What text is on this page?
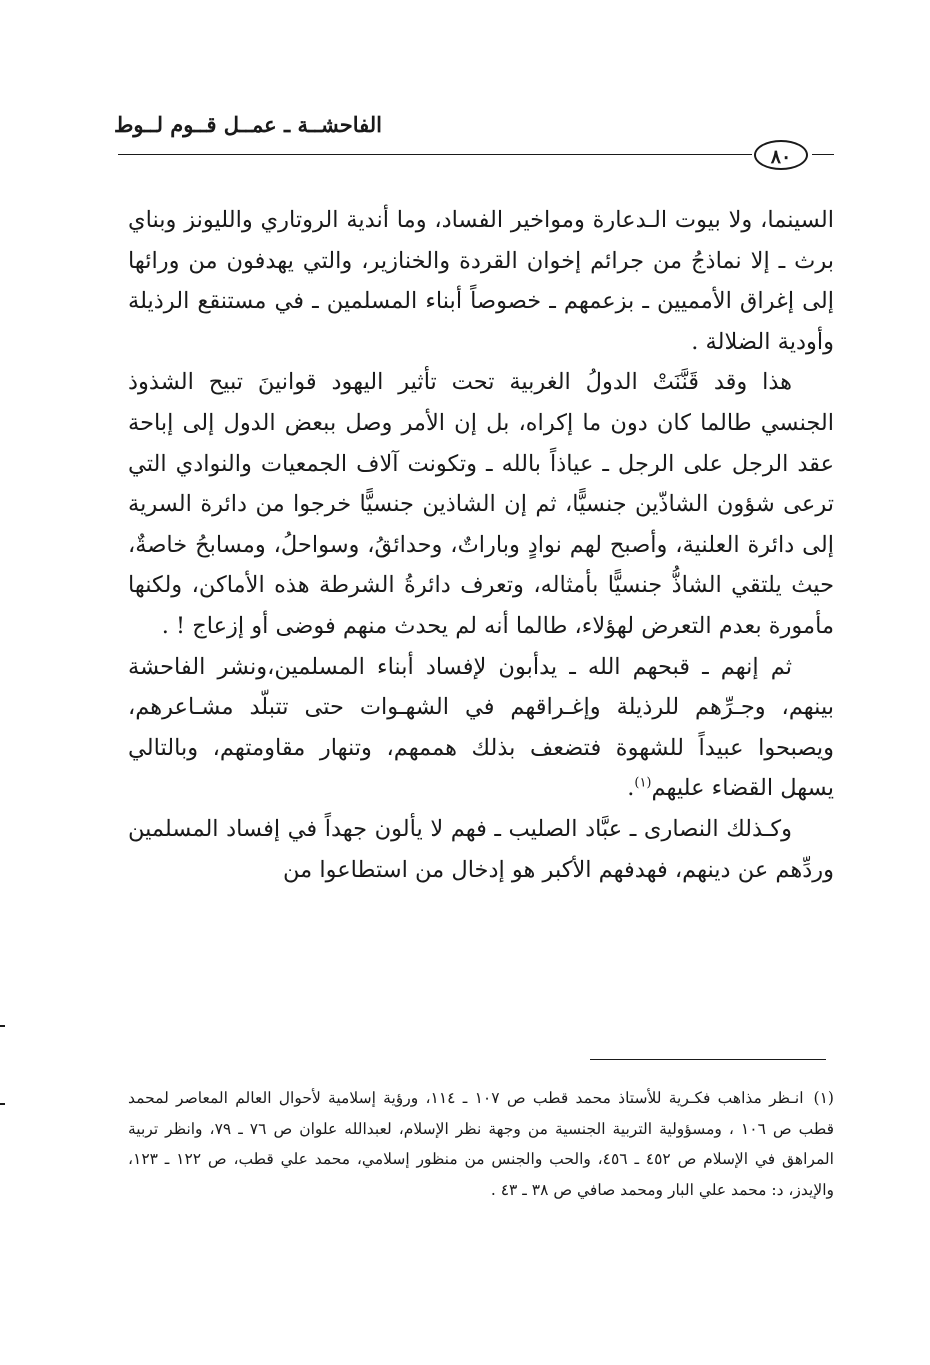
الفاحشــة ـ عمــل قــوم لــوط
٨٠

السينما، ولا بيوت الـدعارة ومواخير الفساد، وما أندية الروتاري والليونز وبناي برث ـ إلا نماذجُ من جرائم إخوان القردة والخنازير، والتي يهدفون من ورائها إلى إغراق الأمميين ـ بزعمهم ـ خصوصاً أبناء المسلمين ـ في مستنقع الرذيلة وأودية الضلالة .

هذا وقد قَنَّنَتْ الدولُ الغربية تحت تأثير اليهود قوانينَ تبيح الشذوذ الجنسي طالما كان دون ما إكراه، بل إن الأمر وصل ببعض الدول إلى إباحة عقد الرجل على الرجل ـ عياذاً بالله ـ وتكونت آلاف الجمعيات والنوادي التي ترعى شؤون الشاذّين جنسيًّا، ثم إن الشاذين جنسيًّا خرجوا من دائرة السرية إلى دائرة العلنية، وأصبح لهم نوادٍ وباراتٌ، وحدائقُ، وسواحلُ، ومسابحُ خاصةٌ، حيث يلتقي الشاذُّ جنسيًّا بأمثاله، وتعرف دائرةُ الشرطة هذه الأماكن، ولكنها مأمورة بعدم التعرض لهؤلاء، طالما أنه لم يحدث منهم فوضى أو إزعاج ! .

ثم إنهم ـ قبحهم الله ـ يدأبون لإفساد أبناء المسلمين،ونشر الفاحشة بينهم، وجـرِّهم للرذيلة وإغـراقهم في الشهـوات حتى تتبلّد مشـاعرهم، ويصبحوا عبيداً للشهوة فتضعف بذلك هممهم، وتنهار مقاومتهم، وبالتالي يسهل القضاء عليهم$^{(١)}$.

وكـذلك النصارى ـ عبَّاد الصليب ـ فهم لا يألون جهداً في إفساد المسلمين وردِّهم عن دينهم، فهدفهم الأكبر هو إدخال من استطاعوا من

(١)انـظر مذاهب فكـرية للأستاذ محمد قطب ص ١٠٧ ـ ١١٤، ورؤية إسلامية لأحوال العالم المعاصر لمحمد قطب ص ١٠٦ ، ومسؤولية التربية الجنسية من وجهة نظر الإسلام، لعبدالله علوان ص ٧٦ ـ ٧٩، وانظر تربية المراهق في الإسلام ص ٤٥٢ ـ ٤٥٦، والحب والجنس من منظور إسلامي، محمد علي قطب، ص ١٢٢ ـ ١٢٣، والإيدز، د: محمد علي البار ومحمد صافي ص ٣٨ ـ ٤٣ .
